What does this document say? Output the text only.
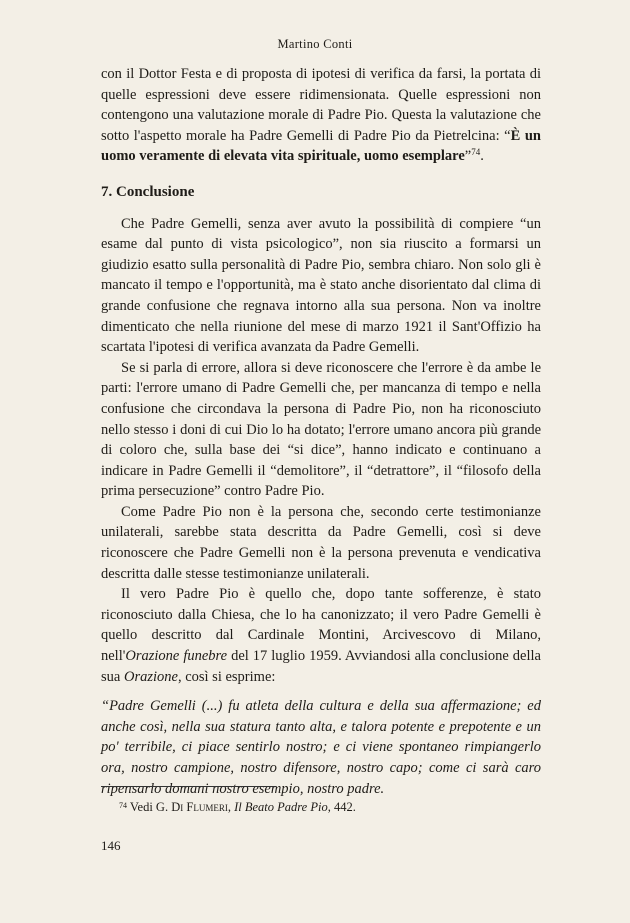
Martino Conti

con il Dottor Festa e di proposta di ipotesi di verifica da farsi, la portata di quelle espressioni deve essere ridimensionata. Quelle espressioni non contengono una valutazione morale di Padre Pio. Questa la valutazione che sotto l'aspetto morale ha Padre Gemelli di Padre Pio da Pietrelcina: “È un uomo veramente di elevata vita spirituale, uomo esemplare”$^{74}$.

7. Conclusione

Che Padre Gemelli, senza aver avuto la possibilità di compiere “un esame dal punto di vista psicologico”, non sia riuscito a formarsi un giudizio esatto sulla personalità di Padre Pio, sembra chiaro. Non solo gli è mancato il tempo e l'opportunità, ma è stato anche disorientato dal clima di grande confusione che regnava intorno alla sua persona. Non va inoltre dimenticato che nella riunione del mese di marzo 1921 il Sant'Offizio ha scartata l'ipotesi di verifica avanzata da Padre Gemelli.

Se si parla di errore, allora si deve riconoscere che l'errore è da ambe le parti: l'errore umano di Padre Gemelli che, per mancanza di tempo e nella confusione che circondava la persona di Padre Pio, non ha riconosciuto nello stesso i doni di cui Dio lo ha dotato; l'errore umano ancora più grande di coloro che, sulla base dei “si dice”, hanno indicato e continuano a indicare in Padre Gemelli il “demolitore”, il “detrattore”, il “filosofo della prima persecuzione” contro Padre Pio.

Come Padre Pio non è la persona che, secondo certe testimonianze unilaterali, sarebbe stata descritta da Padre Gemelli, così si deve riconoscere che Padre Gemelli non è la persona prevenuta e vendicativa descritta dalle stesse testimonianze unilaterali.

Il vero Padre Pio è quello che, dopo tante sofferenze, è stato riconosciuto dalla Chiesa, che lo ha canonizzato; il vero Padre Gemelli è quello descritto dal Cardinale Montini, Arcivescovo di Milano, nell'Orazione funebre del 17 luglio 1959. Avviandosi alla conclusione della sua Orazione, così si esprime:

“Padre Gemelli (...) fu atleta della cultura e della sua affermazione; ed anche così, nella sua statura tanto alta, e talora potente e prepotente e un po' terribile, ci piace sentirlo nostro; e ci viene spontaneo rimpiangerlo ora, nostro campione, nostro difensore, nostro capo; come ci sarà caro ripensarlo domani nostro esempio, nostro padre.

$^{74}$ Vedi G. Di Flumeri, Il Beato Padre Pio, 442.
146
